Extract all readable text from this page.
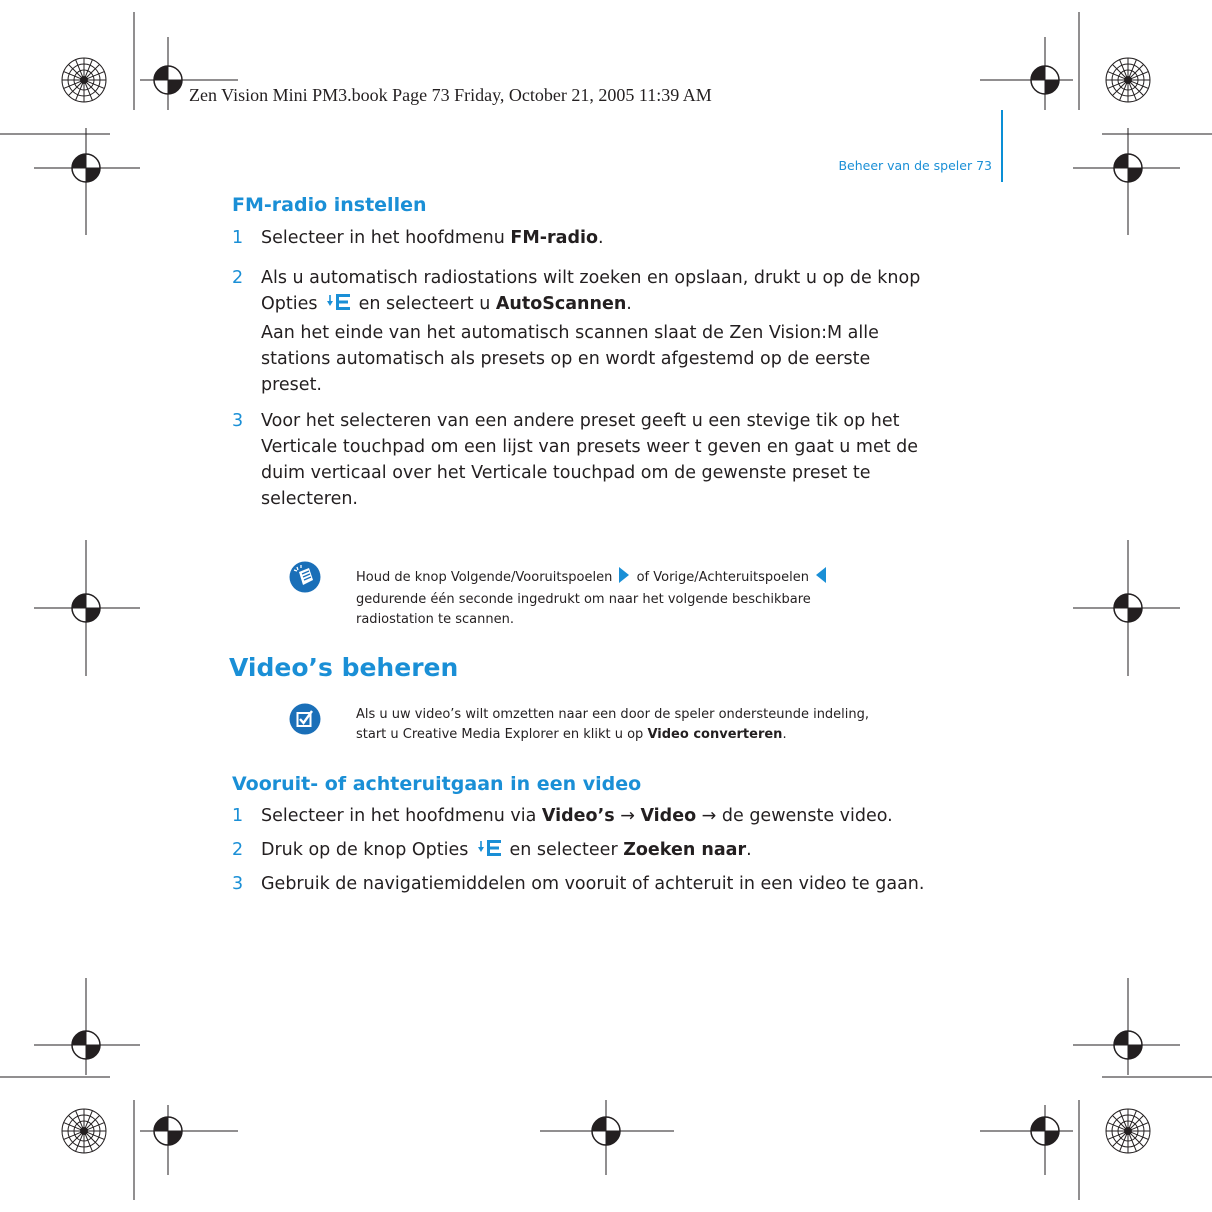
Zen Vision Mini PM3.book Page 73 Friday, October 21, 2005 11:39 AM
Beheer van de speler 73
FM-radio instellen
1 Selecteer in het hoofdmenu FM-radio.
2 Als u automatisch radiostations wilt zoeken en opslaan, drukt u op de knop
Opties  en selecteert u AutoScannen.
Aan het einde van het automatisch scannen slaat de Zen Vision:M alle
stations automatisch als presets op en wordt afgestemd op de eerste
preset.
3 Voor het selecteren van een andere preset geeft u een stevige tik op het
Verticale touchpad om een lijst van presets weer t geven en gaat u met de
duim verticaal over het Verticale touchpad om de gewenste preset te
selecteren.
Houd de knop Volgende/Vooruitspoelen  of Vorige/Achteruitspoelen
gedurende één seconde ingedrukt om naar het volgende beschikbare
radiostation te scannen.
Video’s beheren
Als u uw video’s wilt omzetten naar een door de speler ondersteunde indeling,
start u Creative Media Explorer en klikt u op Video converteren.
Vooruit- of achteruitgaan in een video
1 Selecteer in het hoofdmenu via Video’s → Video → de gewenste video.
2 Druk op de knop Opties  en selecteer Zoeken naar.
3 Gebruik de navigatiemiddelen om vooruit of achteruit in een video te gaan.
